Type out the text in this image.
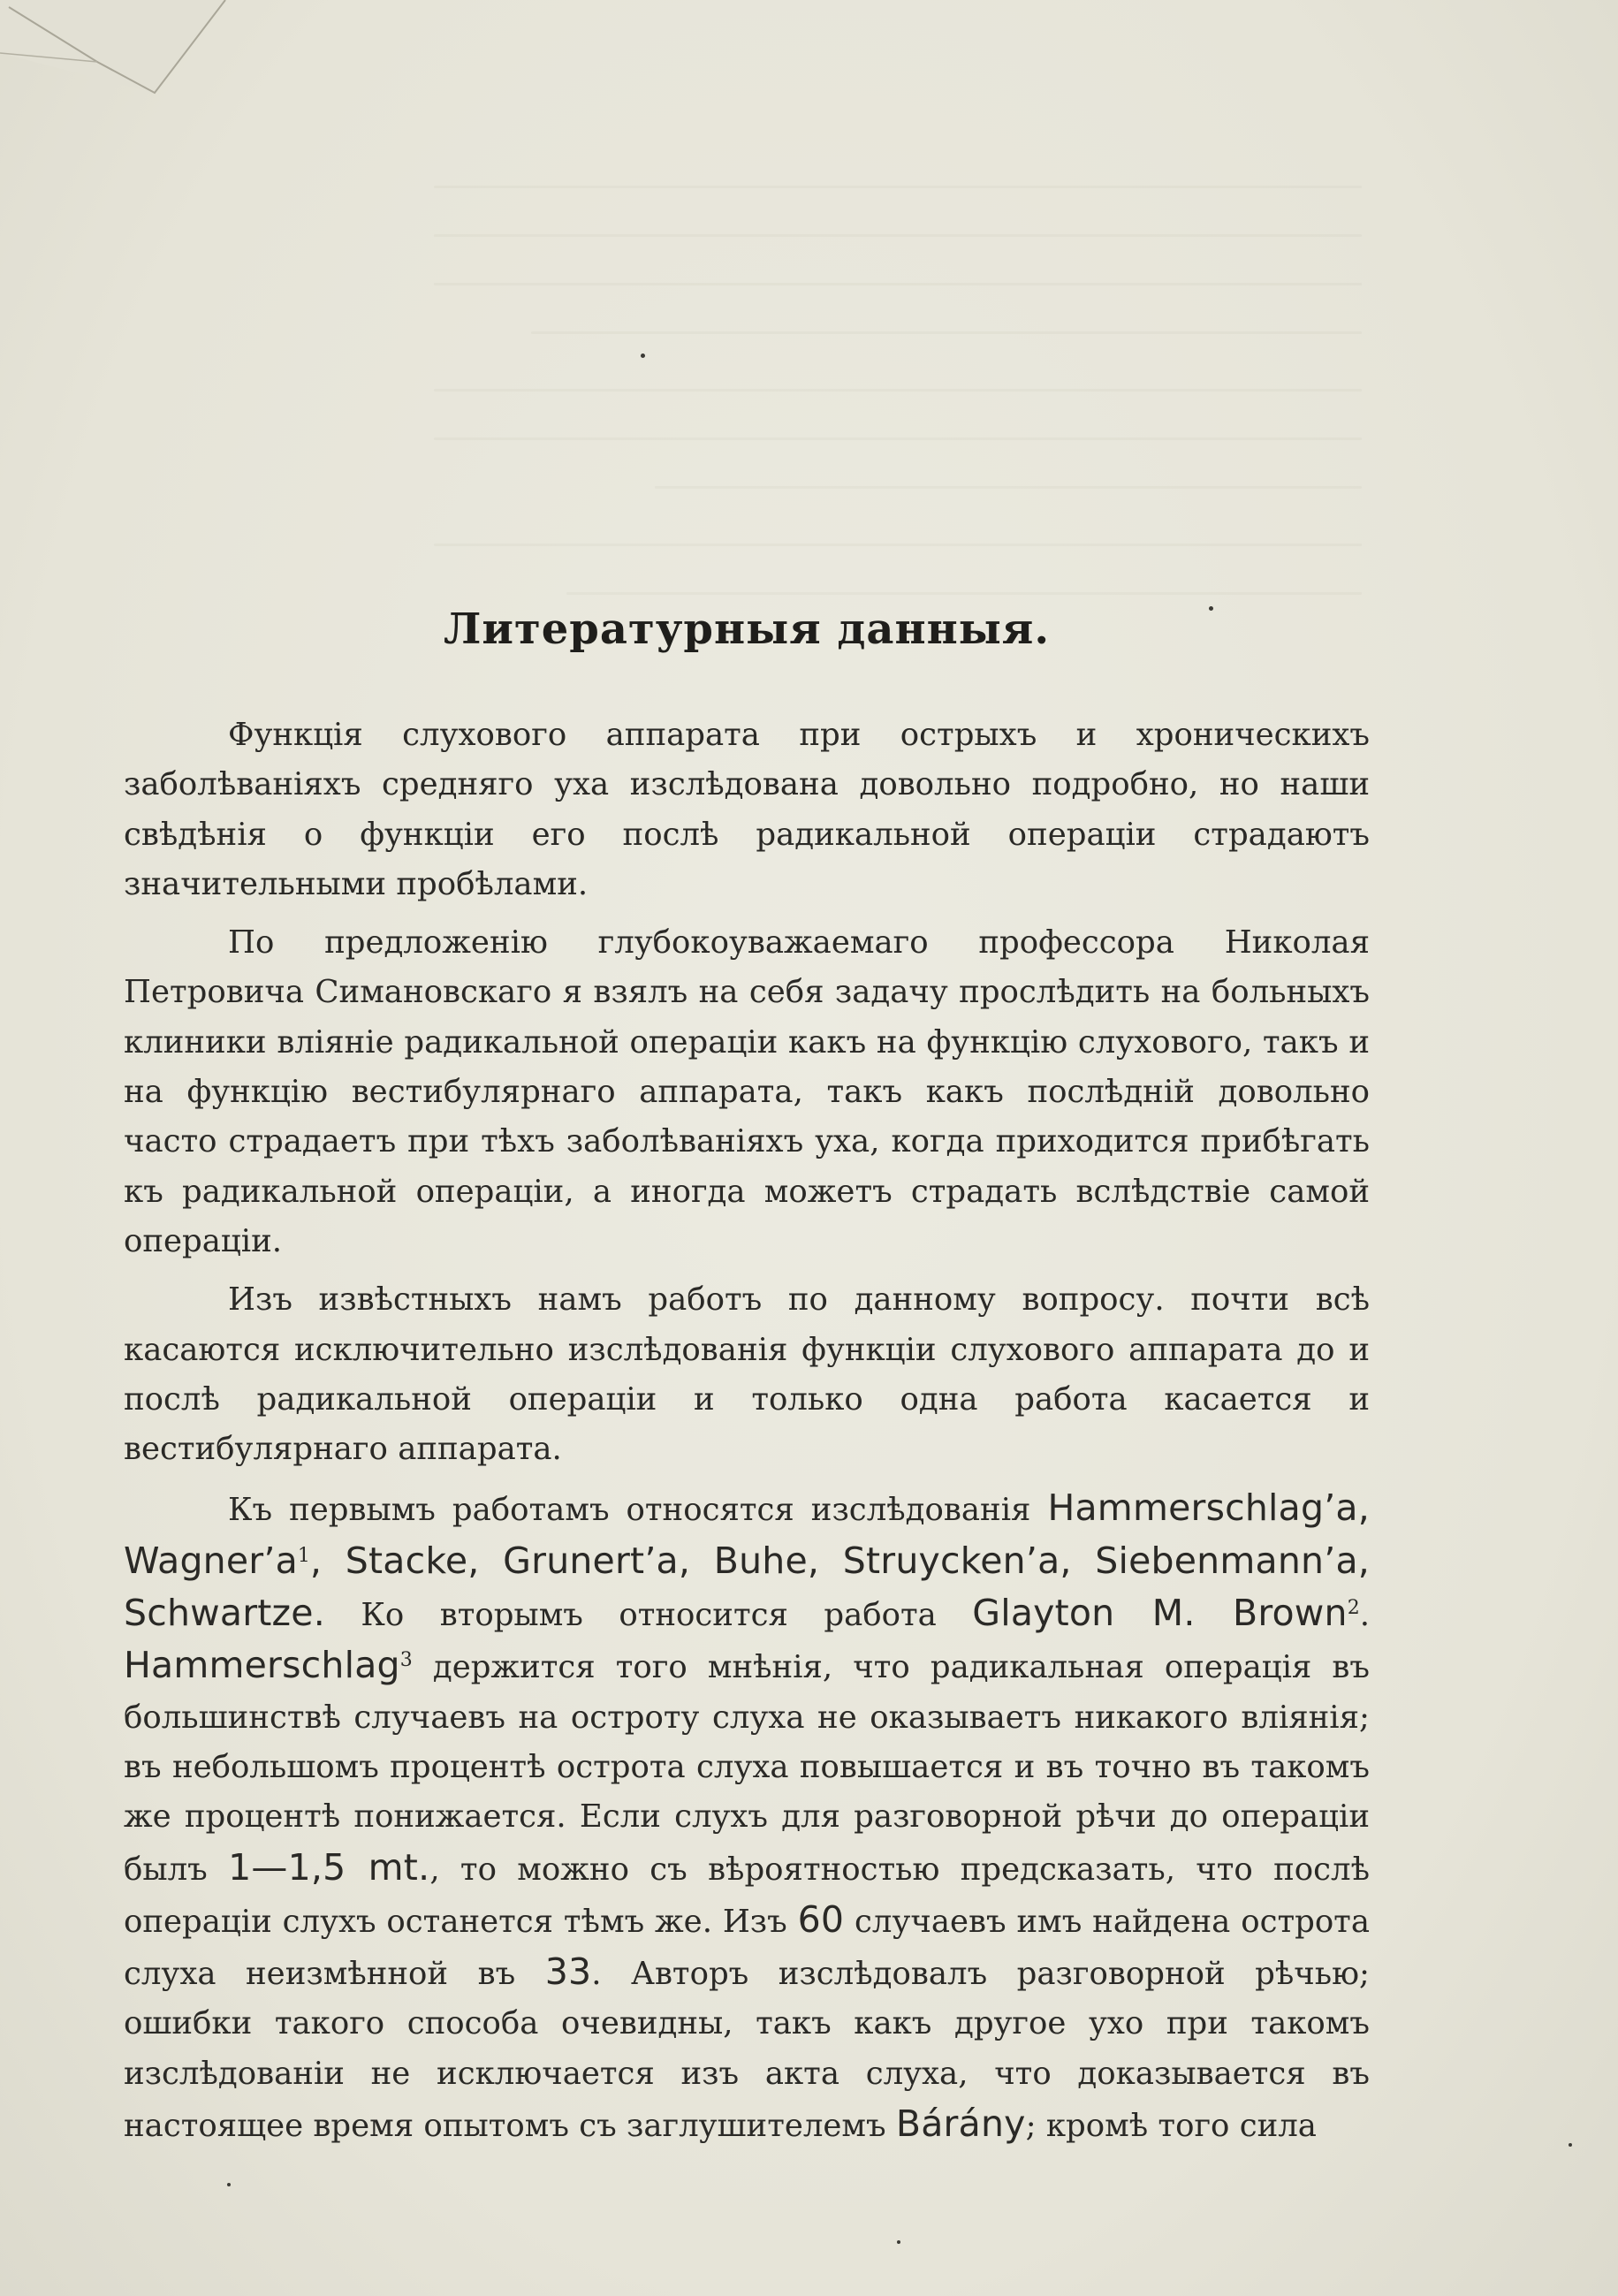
Литературныя данныя.

Функція слухового аппарата при острыхъ и хроническихъ заболѣваніяхъ средняго уха изслѣдована довольно подробно, но наши свѣдѣнія о функціи его послѣ радикальной операціи страдаютъ значительными пробѣлами.

По предложенію глубокоуважаемаго профессора Николая Петровича Симановскаго я взялъ на себя задачу прослѣдить на больныхъ клиники вліяніе радикальной операціи какъ на функцію слухового, такъ и на функцію вестибулярнаго аппарата, такъ какъ послѣдній довольно часто страдаетъ при тѣхъ заболѣваніяхъ уха, когда приходится прибѣгать къ радикальной операціи, а иногда можетъ страдать вслѣдствіе самой операціи.

Изъ извѣстныхъ намъ работъ по данному вопросу. почти всѣ касаются исключительно изслѣдованія функціи слухового аппарата до и послѣ радикальной операціи и только одна работа касается и вестибулярнаго аппарата.

Къ первымъ работамъ относятся изслѣдованія Hammerschlag’a, $Wagner’a^1$, Stacke, Grunert’a, Buhe, Struycken’a, Siebenmann’a, Schwartze. Ко вторымъ относится работа Glayton M. Brown$^2$. Hammerschlag$^3$ держится того мнѣнія, что радикальная операція въ большинствѣ случаевъ на остроту слуха не оказываетъ никакого вліянія; въ небольшомъ процентѣ острота слуха повышается и въ точно въ такомъ же процентѣ понижается. Если слухъ для разговорной рѣчи до операціи былъ 1—1,5 mt., то можно съ вѣроятностью предсказать, что послѣ операціи слухъ останется тѣмъ же. Изъ 60 случаевъ имъ найдена острота слуха неизмѣнной въ 33. Авторъ изслѣдовалъ разговорной рѣчью; ошибки такого способа очевидны, такъ какъ другое ухо при такомъ изслѣдованіи не исключается изъ акта слуха, что доказывается въ настоящее время опытомъ съ заглушителемъ Bárány; кромѣ того сила
